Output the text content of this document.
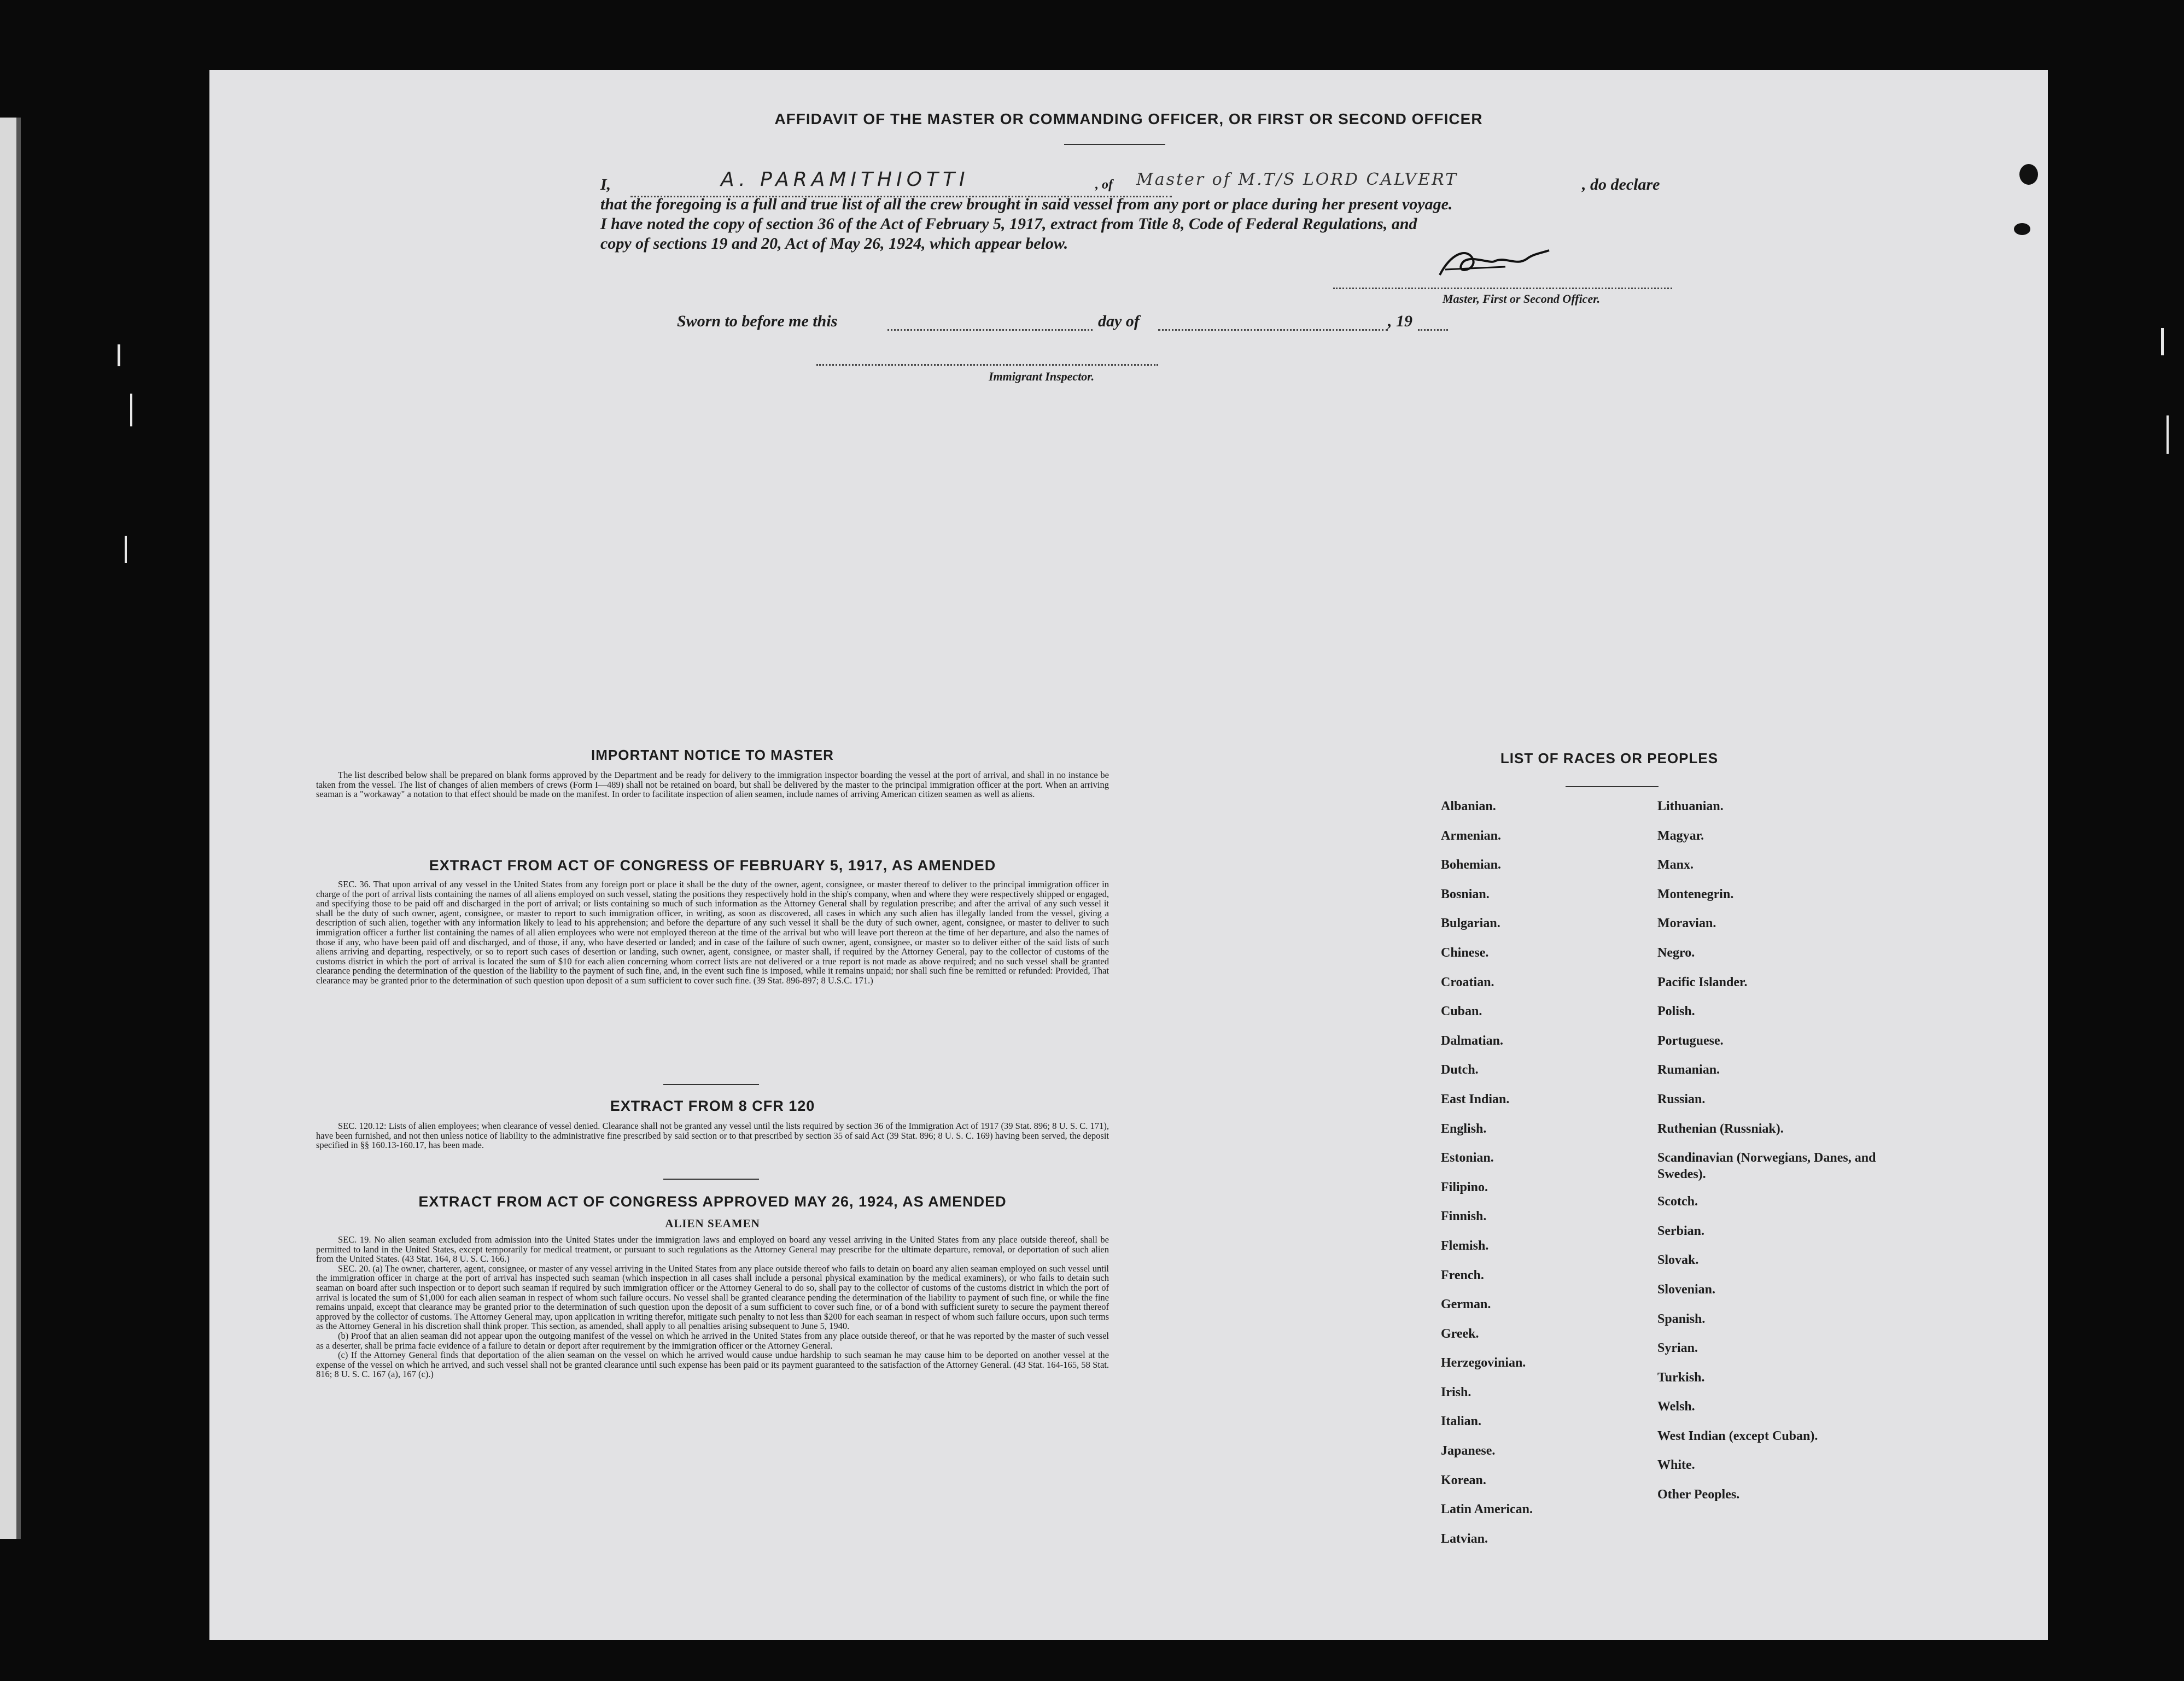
AFFIDAVIT OF THE MASTER OR COMMANDING OFFICER, OR FIRST OR SECOND OFFICER
I,	A. PARAMITHIOTTI	, of Master of M.T/S LORD CALVERT	, do declare
that the foregoing is a full and true list of all the crew brought in said vessel from any port or place during her present voyage.
I have noted the copy of section 36 of the Act of February 5, 1917, extract from Title 8, Code of Federal Regulations, and
copy of sections 19 and 20, Act of May 26, 1924, which appear below.
Master, First or Second Officer.
Sworn to before me this	day of	, 19
Immigrant Inspector.
IMPORTANT NOTICE TO MASTER
The list described below shall be prepared on blank forms approved by the Department and be ready for delivery to the immigration inspector boarding the vessel at the port of arrival, and shall in no instance be taken from the vessel. The list of changes of alien members of crews (Form I—489) shall not be retained on board, but shall be delivered by the master to the principal immigration officer at the port. When an arriving seaman is a "workaway" a notation to that effect should be made on the manifest. In order to facilitate inspection of alien seamen, include names of arriving American citizen seamen as well as aliens.
EXTRACT FROM ACT OF CONGRESS OF FEBRUARY 5, 1917, AS AMENDED
SEC. 36. That upon arrival of any vessel in the United States from any foreign port or place it shall be the duty of the owner, agent, consignee, or master thereof to deliver to the principal immigration officer in charge of the port of arrival lists containing the names of all aliens employed on such vessel, stating the positions they respectively hold in the ship's company, when and where they were respectively shipped or engaged, and specifying those to be paid off and discharged in the port of arrival; or lists containing so much of such information as the Attorney General shall by regulation prescribe; and after the arrival of any such vessel it shall be the duty of such owner, agent, consignee, or master to report to such immigration officer, in writing, as soon as discovered, all cases in which any such alien has illegally landed from the vessel, giving a description of such alien, together with any information likely to lead to his apprehension; and before the departure of any such vessel it shall be the duty of such owner, agent, consignee, or master to deliver to such immigration officer a further list containing the names of all alien employees who were not employed thereon at the time of the arrival but who will leave port thereon at the time of her departure, and also the names of those if any, who have been paid off and discharged, and of those, if any, who have deserted or landed; and in case of the failure of such owner, agent, consignee, or master so to deliver either of the said lists of such aliens arriving and departing, respectively, or so to report such cases of desertion or landing, such owner, agent, consignee, or master shall, if required by the Attorney General, pay to the collector of customs of the customs district in which the port of arrival is located the sum of $10 for each alien concerning whom correct lists are not delivered or a true report is not made as above required; and no such vessel shall be granted clearance pending the determination of the question of the liability to the payment of such fine, and, in the event such fine is imposed, while it remains unpaid; nor shall such fine be remitted or refunded: Provided, That clearance may be granted prior to the determination of such question upon deposit of a sum sufficient to cover such fine. (39 Stat. 896-897; 8 U.S.C. 171.)
EXTRACT FROM 8 CFR 120
SEC. 120.12: Lists of alien employees; when clearance of vessel denied. Clearance shall not be granted any vessel until the lists required by section 36 of the Immigration Act of 1917 (39 Stat. 896; 8 U. S. C. 171), have been furnished, and not then unless notice of liability to the administrative fine prescribed by said section or to that prescribed by section 35 of said Act (39 Stat. 896; 8 U. S. C. 169) having been served, the deposit specified in §§ 160.13-160.17, has been made.
EXTRACT FROM ACT OF CONGRESS APPROVED MAY 26, 1924, AS AMENDED
ALIEN SEAMEN
SEC. 19. No alien seaman excluded from admission into the United States under the immigration laws and employed on board any vessel arriving in the United States from any place outside thereof, shall be permitted to land in the United States, except temporarily for medical treatment, or pursuant to such regulations as the Attorney General may prescribe for the ultimate departure, removal, or deportation of such alien from the United States. (43 Stat. 164, 8 U. S. C. 166.)
SEC. 20. (a) The owner, charterer, agent, consignee, or master of any vessel arriving in the United States from any place outside thereof who fails to detain on board any alien seaman employed on such vessel until the immigration officer in charge at the port of arrival has inspected such seaman (which inspection in all cases shall include a personal physical examination by the medical examiners), or who fails to detain such seaman on board after such inspection or to deport such seaman if required by such immigration officer or the Attorney General to do so, shall pay to the collector of customs of the customs district in which the port of arrival is located the sum of $1,000 for each alien seaman in respect of whom such failure occurs. No vessel shall be granted clearance pending the determination of the liability to payment of such fine, or while the fine remains unpaid, except that clearance may be granted prior to the determination of such question upon the deposit of a sum sufficient to cover such fine, or of a bond with sufficient surety to secure the payment thereof approved by the collector of customs. The Attorney General may, upon application in writing therefor, mitigate such penalty to not less than $200 for each seaman in respect of whom such failure occurs, upon such terms as the Attorney General in his discretion shall think proper. This section, as amended, shall apply to all penalties arising subsequent to June 5, 1940.
(b) Proof that an alien seaman did not appear upon the outgoing manifest of the vessel on which he arrived in the United States from any place outside thereof, or that he was reported by the master of such vessel as a deserter, shall be prima facie evidence of a failure to detain or deport after requirement by the immigration officer or the Attorney General.
(c) If the Attorney General finds that deportation of the alien seaman on the vessel on which he arrived would cause undue hardship to such seaman he may cause him to be deported on another vessel at the expense of the vessel on which he arrived, and such vessel shall not be granted clearance until such expense has been paid or its payment guaranteed to the satisfaction of the Attorney General. (43 Stat. 164-165, 58 Stat. 816; 8 U. S. C. 167 (a), 167 (c).)
LIST OF RACES OR PEOPLES
Albanian.
Armenian.
Bohemian.
Bosnian.
Bulgarian.
Chinese.
Croatian.
Cuban.
Dalmatian.
Dutch.
East Indian.
English.
Estonian.
Filipino.
Finnish.
Flemish.
French.
German.
Greek.
Herzegovinian.
Irish.
Italian.
Japanese.
Korean.
Latin American.
Latvian.
Lithuanian.
Magyar.
Manx.
Montenegrin.
Moravian.
Negro.
Pacific Islander.
Polish.
Portuguese.
Rumanian.
Russian.
Ruthenian (Russniak).
Scandinavian (Norwegians, Danes, and Swedes).
Scotch.
Serbian.
Slovak.
Slovenian.
Spanish.
Syrian.
Turkish.
Welsh.
West Indian (except Cuban).
White.
Other Peoples.
